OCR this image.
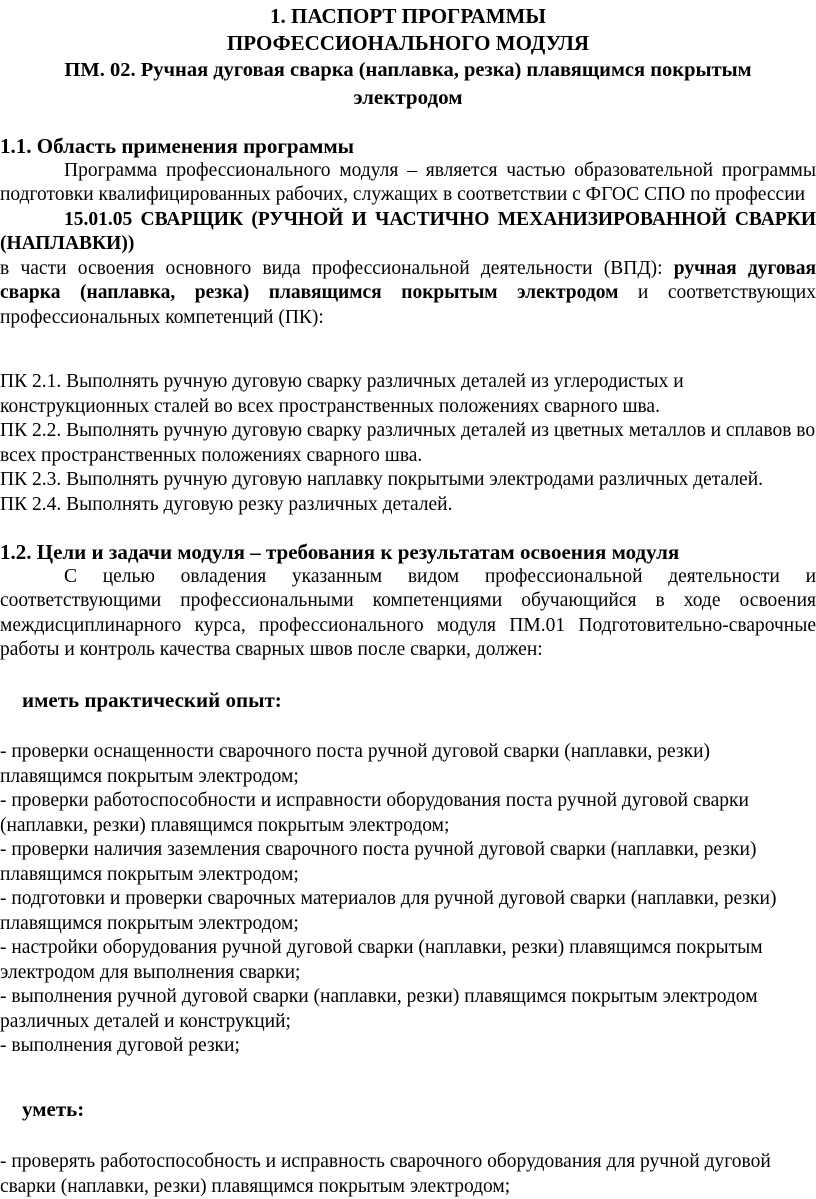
1. ПАСПОРТ ПРОГРАММЫ

ПРОФЕССИОНАЛЬНОГО МОДУЛЯ

ПМ. 02. Ручная дуговая сварка (наплавка, резка) плавящимся покрытым

электродом

1.1. Область применения программы

Программа профессионального модуля – является частью образовательной программы подготовки квалифицированных рабочих, служащих в соответствии с ФГОС СПО по профессии

15.01.05 СВАРЩИК (РУЧНОЙ И ЧАСТИЧНО МЕХАНИЗИРОВАННОЙ СВАРКИ (НАПЛАВКИ))

в части освоения основного вида профессиональной деятельности (ВПД): ручная дуговая сварка (наплавка, резка) плавящимся покрытым электродом и соответствующих профессиональных компетенций (ПК):

ПК 2.1. Выполнять ручную дуговую сварку различных деталей из углеродистых и конструкционных сталей во всех пространственных положениях сварного шва.

ПК 2.2. Выполнять ручную дуговую сварку различных деталей из цветных металлов и сплавов во всех пространственных положениях сварного шва.

ПК 2.3. Выполнять ручную дуговую наплавку покрытыми электродами различных деталей.

ПК 2.4. Выполнять дуговую резку различных деталей.

1.2. Цели и задачи модуля – требования к результатам освоения модуля

С целью овладения указанным видом профессиональной деятельности и соответствующими профессиональными компетенциями обучающийся в ходе освоения междисциплинарного курса, профессионального модуля ПМ.01 Подготовительно-сварочные работы и контроль качества сварных швов после сварки, должен:

иметь практический опыт:

- проверки оснащенности сварочного поста ручной дуговой сварки (наплавки, резки) плавящимся покрытым электродом;

- проверки работоспособности и исправности оборудования поста ручной дуговой сварки (наплавки, резки) плавящимся покрытым электродом;

- проверки наличия заземления сварочного поста ручной дуговой сварки (наплавки, резки) плавящимся покрытым электродом;

- подготовки и проверки сварочных материалов для ручной дуговой сварки (наплавки, резки) плавящимся покрытым электродом;

- настройки оборудования ручной дуговой сварки (наплавки, резки) плавящимся покрытым электродом для выполнения сварки;

- выполнения ручной дуговой сварки (наплавки, резки) плавящимся покрытым электродом различных деталей и конструкций;

- выполнения дуговой резки;

уметь:

- проверять работоспособность и исправность сварочного оборудования для ручной дуговой сварки (наплавки, резки) плавящимся покрытым электродом;
